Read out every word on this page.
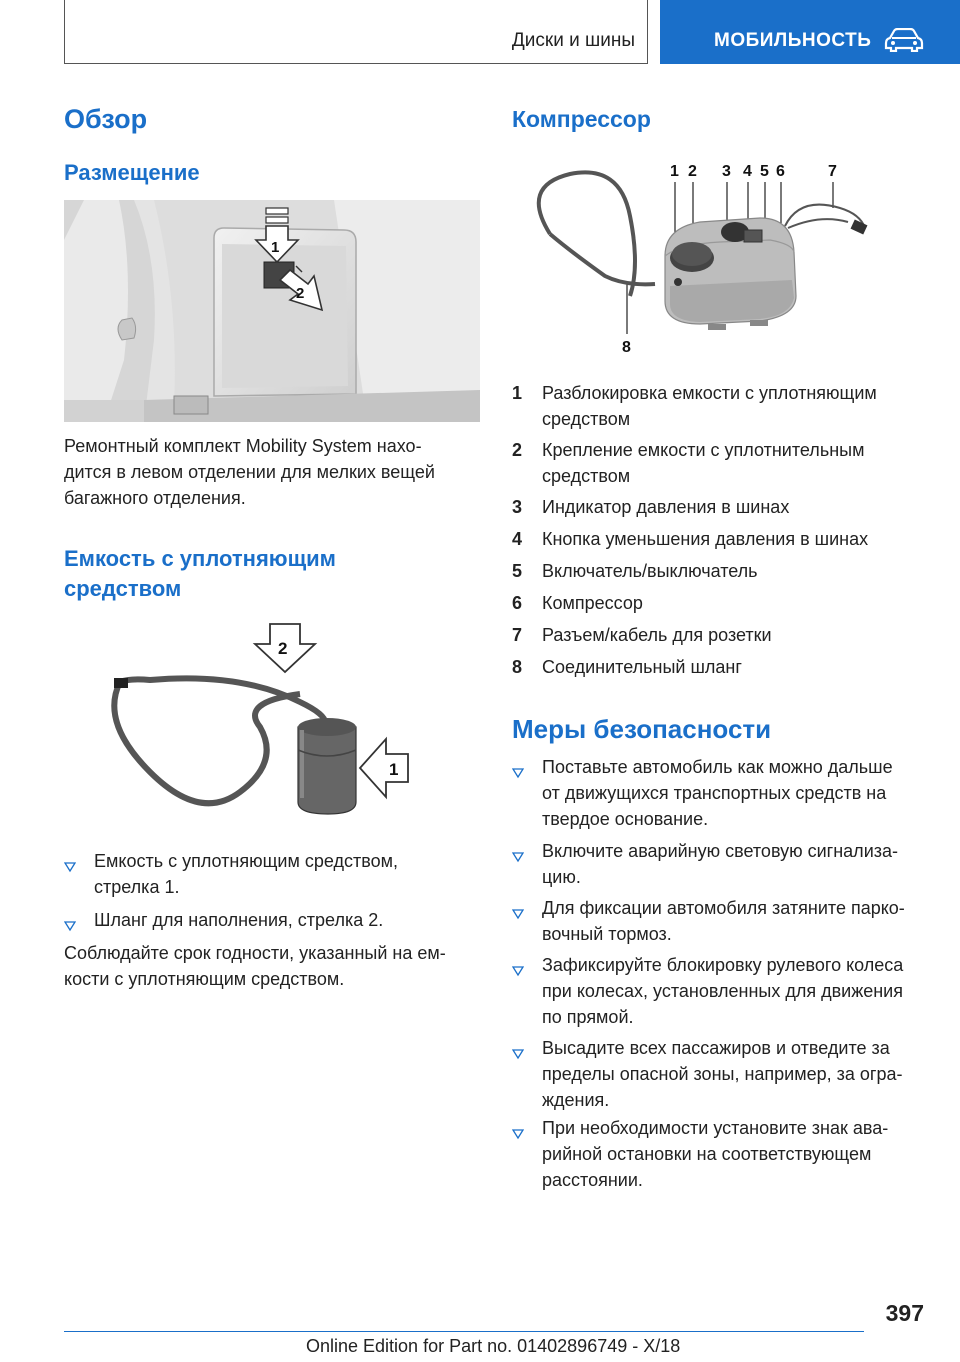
Диски и шины	МОБИЛЬНОСТЬ
Обзор
Размещение
1
2
Ремонтный комплект Mobility System нахо-
дится в левом отделении для мелких вещей
багажного отделения.
Емкость с уплотняющим
средством
2
1
Емкость с уплотняющим средством,
стрелка 1.
Шланг для наполнения, стрелка 2.
Соблюдайте срок годности, указанный на ем-
кости с уплотняющим средством.
Компрессор
1 2 3 4 5 6	7
8
1 Разблокировка емкости с уплотняющим
средством
2 Крепление емкости с уплотнительным
средством
3 Индикатор давления в шинах
4 Кнопка уменьшения давления в шинах
5 Включатель/выключатель
6 Компрессор
7 Разъем/кабель для розетки
8 Соединительный шланг
Меры безопасности
Поставьте автомобиль как можно дальше
от движущихся транспортных средств на
твердое основание.
Включите аварийную световую сигнализа-
цию.
Для фиксации автомобиля затяните парко-
вочный тормоз.
Зафиксируйте блокировку рулевого колеса
при колесах, установленных для движения
по прямой.
Высадите всех пассажиров и отведите за
пределы опасной зоны, например, за огра-
ждения.
При необходимости установите знак ава-
рийной остановки на соответствующем
расстоянии.
397
Online Edition for Part no. 01402896749 - X/18
